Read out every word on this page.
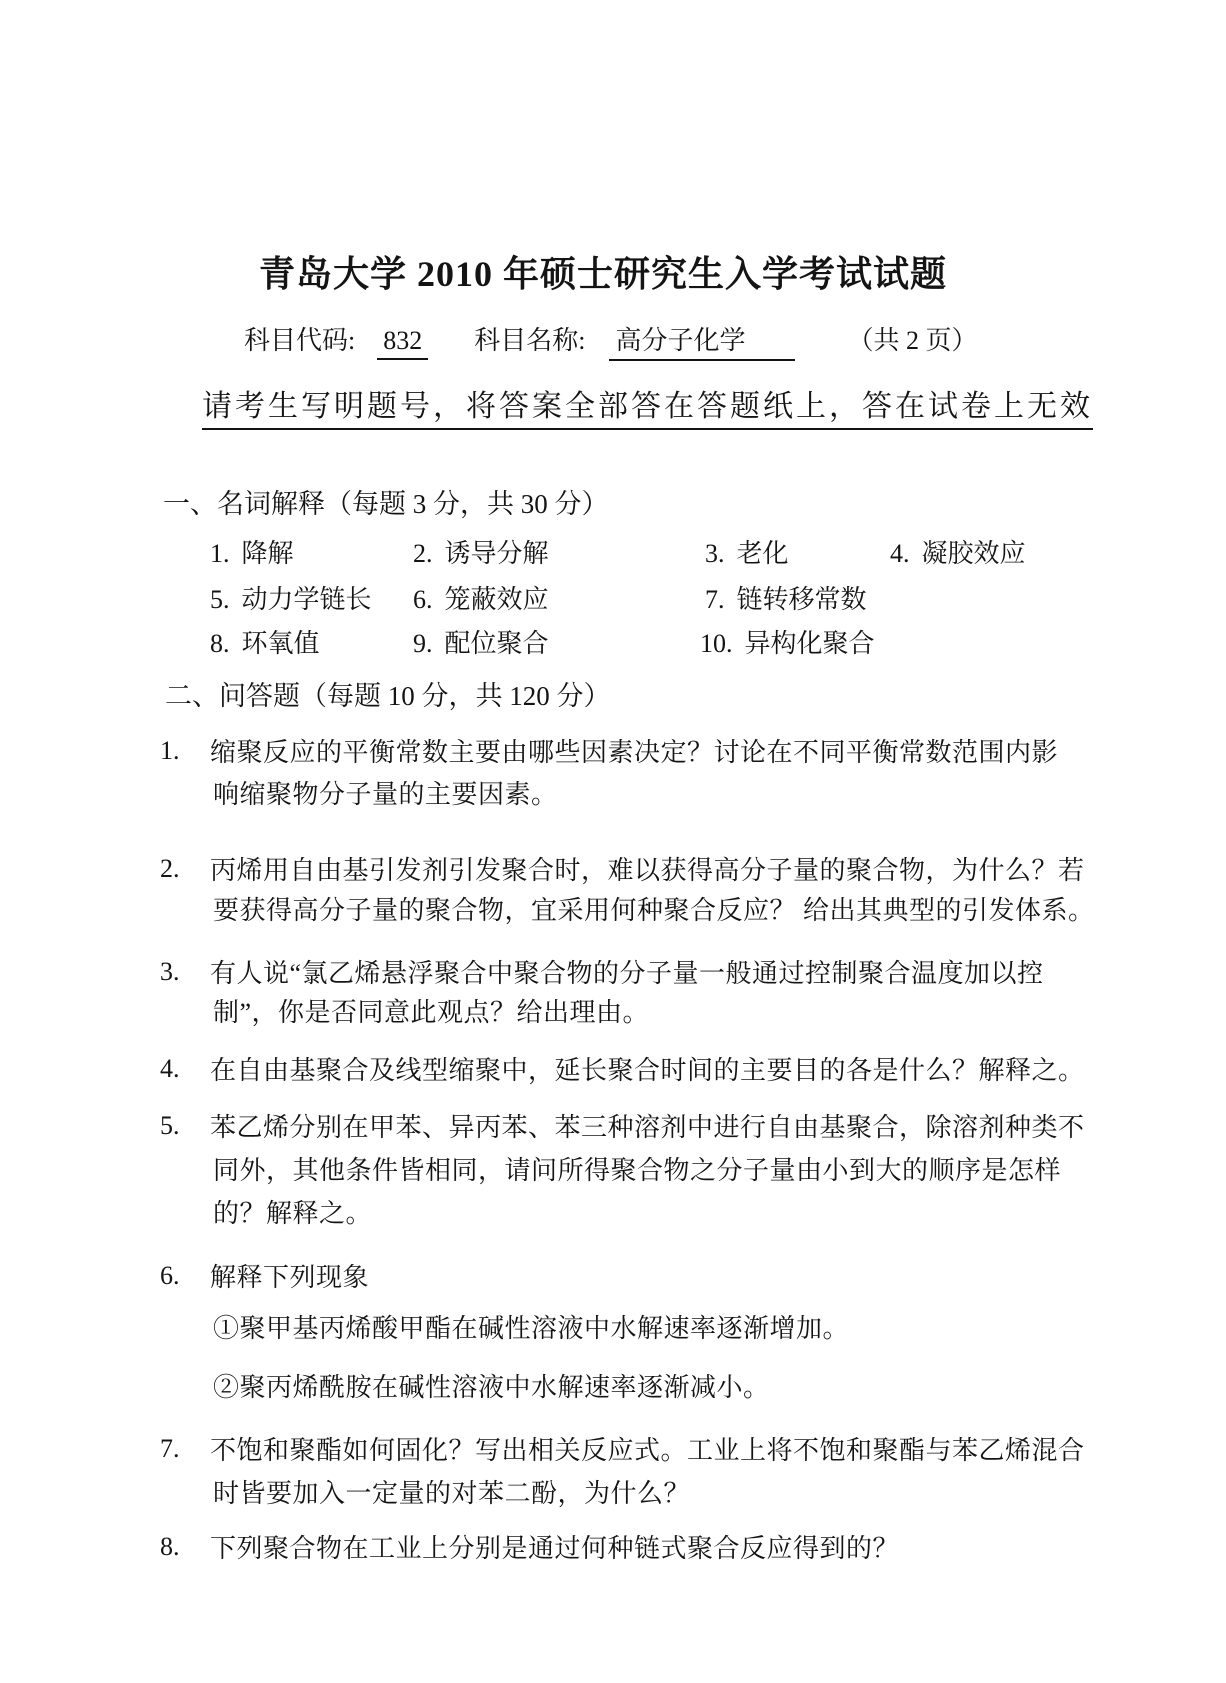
青岛大学 2010 年硕士研究生入学考试试题
科目代码: 832 科目名称: 高分子化学	（共 2 页）
请考生写明题号，将答案全部答在答题纸上，答在试卷上无效
一、名词解释（每题 3 分，共 30 分）
1. 降解	2. 诱导分解	3. 老化	4. 凝胶效应
5. 动力学链长 6. 笼蔽效应	7. 链转移常数
8. 环氧值	9. 配位聚合	10. 异构化聚合
二、问答题（每题 10 分，共 120 分）
1. 缩聚反应的平衡常数主要由哪些因素决定？讨论在不同平衡常数范围内影
响缩聚物分子量的主要因素。
2. 丙烯用自由基引发剂引发聚合时，难以获得高分子量的聚合物，为什么？若
要获得高分子量的聚合物，宜采用何种聚合反应？ 给出其典型的引发体系。
3. 有人说“氯乙烯悬浮聚合中聚合物的分子量一般通过控制聚合温度加以控
制”，你是否同意此观点？给出理由。
4. 在自由基聚合及线型缩聚中，延长聚合时间的主要目的各是什么？解释之。
5. 苯乙烯分别在甲苯、异丙苯、苯三种溶剂中进行自由基聚合，除溶剂种类不
同外，其他条件皆相同，请问所得聚合物之分子量由小到大的顺序是怎样
的？解释之。
6. 解释下列现象
①聚甲基丙烯酸甲酯在碱性溶液中水解速率逐渐增加。
②聚丙烯酰胺在碱性溶液中水解速率逐渐减小。
7. 不饱和聚酯如何固化？写出相关反应式。工业上将不饱和聚酯与苯乙烯混合
时皆要加入一定量的对苯二酚，为什么？
8. 下列聚合物在工业上分别是通过何种链式聚合反应得到的？
